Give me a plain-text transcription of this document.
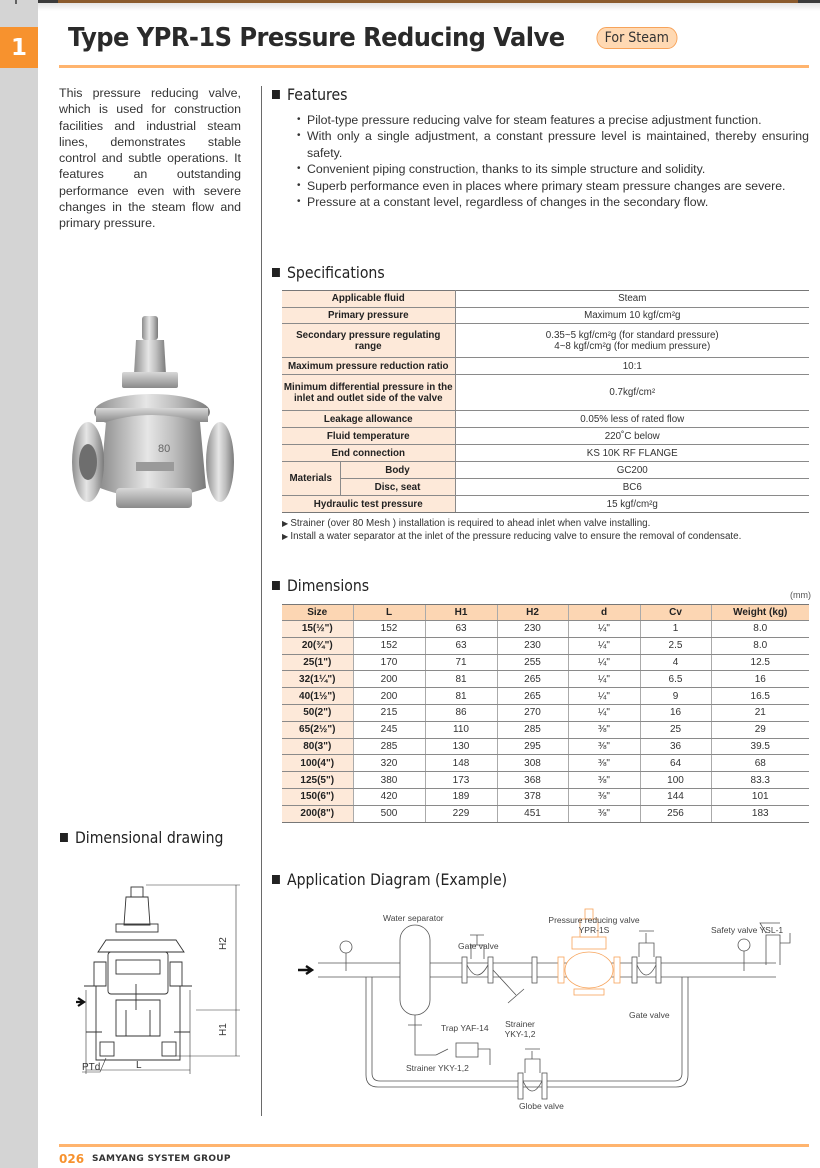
1	Type YPR-1S Pressure Reducing Valve	For Steam

This pressure reducing valve, which is used for construction facilities and industrial steam lines, demonstrates stable control and subtle operations. It features an outstanding performance even with severe changes in the steam flow and primary pressure.

80
Features
• Pilot-type pressure reducing valve for steam features a precise adjustment function.
• With only a single adjustment, a constant pressure level is maintained, thereby ensuring safety.
• Convenient piping construction, thanks to its simple structure and solidity.
• Superb performance even in places where primary steam pressure changes are severe.
• Pressure at a constant level, regardless of changes in the secondary flow.
Specifications
Applicable fluid		Steam
Primary pressure		Maximum 10 kgf/cm²g
Secondary pressure regulating range		0.35~5 kgf/cm²g (for standard pressure)
4~8 kgf/cm²g (for medium pressure)

Maximum pressure reduction ratio		10:1

Minimum differential pressure in the
inlet and outlet side of the valve		0.7kgf/cm²
Leakage allowance		0.05% less of rated flow
Fluid temperature		220˚C below
End connection		KS 10K RF FLANGE
Materials	Body	GC200
	Disc, seat	BC6
Hydraulic test pressure		15 kgf/cm²g
▶ Strainer (over 80 Mesh ) installation is required to ahead inlet when valve installing.
▶ Install a water separator at the inlet of the pressure reducing valve to ensure the removal of condensate.
Dimensions	(mm)
Size	L	H1	H2	d	Cv	Weight (kg)
15(½")	152	63	230	¼"	1	8.0
20(¾")	152	63	230	¼"	2.5	8.0
25(1")	170	71	255	¼"	4	12.5
32(1¼")	200	81	265	¼"	6.5	16
40(1½")	200	81	265	¼"	9	16.5
50(2")	215	86	270	¼"	16	21
65(2½")	245	110	285	⅜"	25	29
80(3")	285	130	295	⅜"	36	39.5
100(4")	320	148	308	⅜"	64	68
125(5")	380	173	368	⅜"	100	83.3
150(6")	420	189	378	⅜"	144	101
200(8")	500	229	451	⅜"	256	183
Dimensional drawing
H2
H1
PTd	L
Application Diagram (Example)
Water separator
Gate valve
Pressure reducing valve
YPR-1S	Safety valve YSL-1
Gate valve
Trap YAF-14	Strainer
YKY-1,2
Strainer YKY-1,2
Globe valve
026 SAMYANG SYSTEM GROUP
